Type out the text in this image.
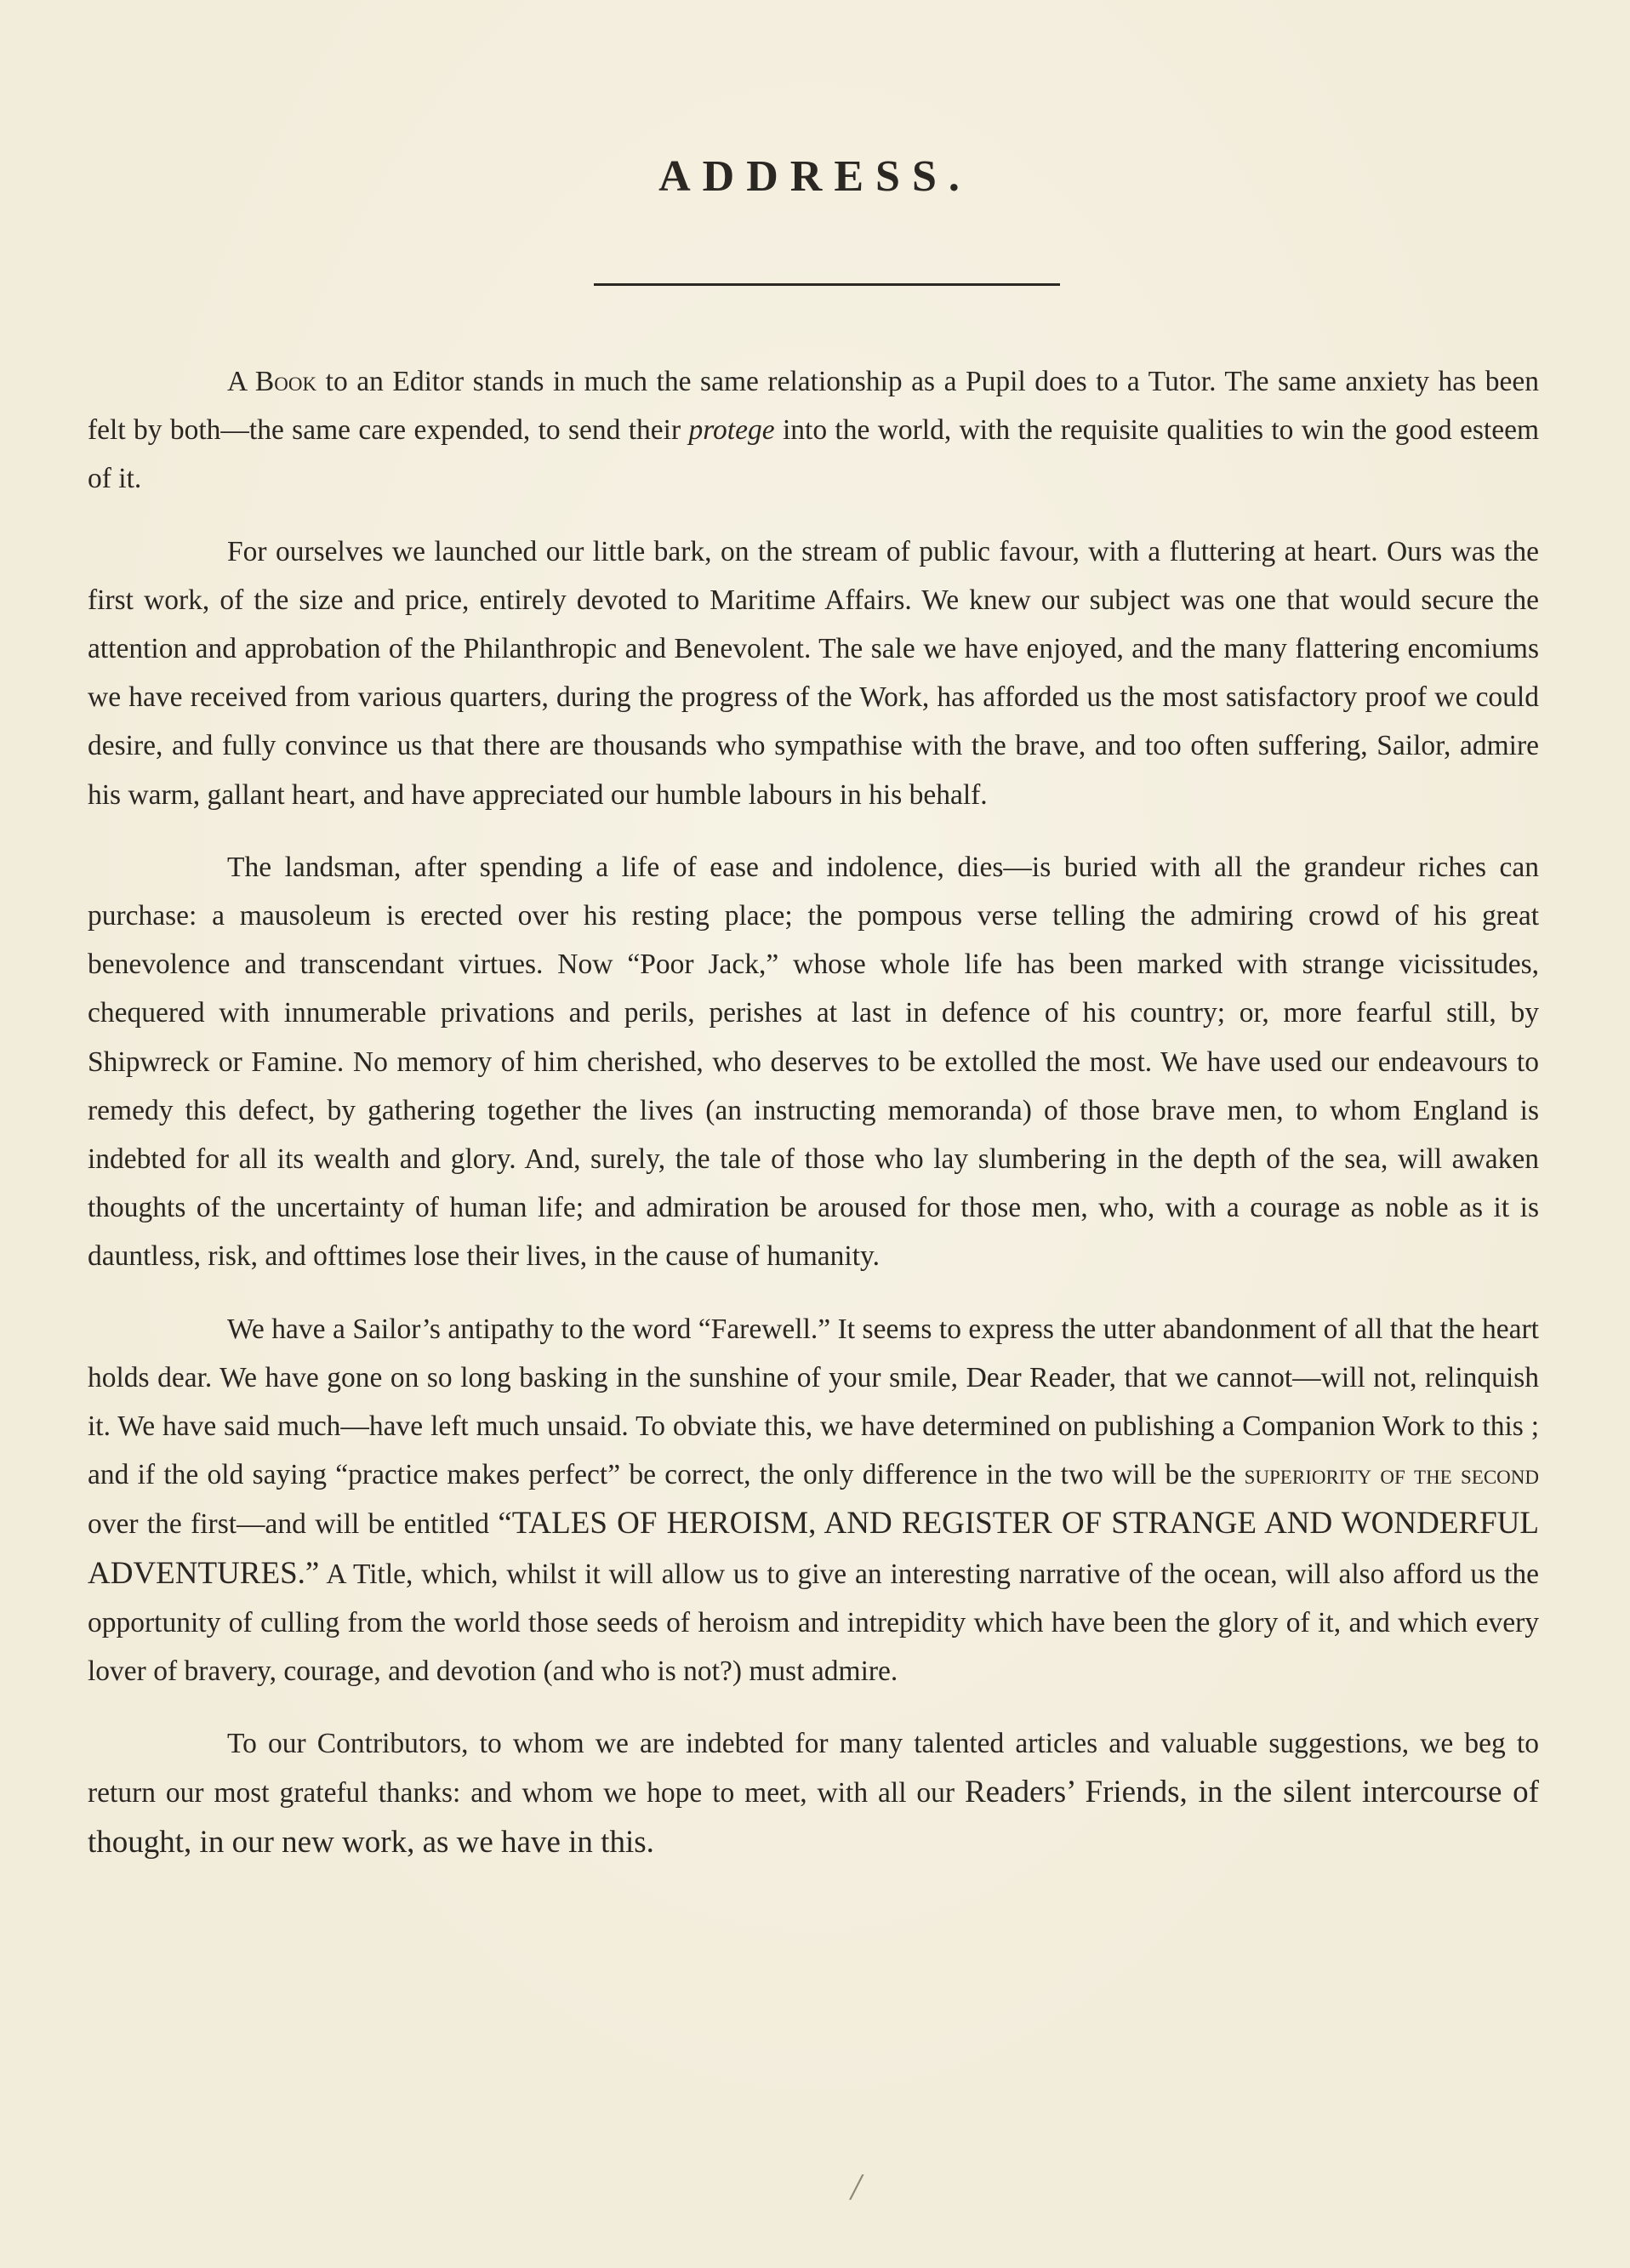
ADDRESS.

A Book to an Editor stands in much the same relationship as a Pupil does to a Tutor. The same anxiety has been felt by both—the same care expended, to send their protege into the world, with the requisite qualities to win the good esteem of it.

For ourselves we launched our little bark, on the stream of public favour, with a fluttering at heart. Ours was the first work, of the size and price, entirely devoted to Maritime Affairs. We knew our subject was one that would secure the attention and approbation of the Philanthropic and Benevolent. The sale we have enjoyed, and the many flattering encomiums we have received from various quarters, during the progress of the Work, has afforded us the most satisfactory proof we could desire, and fully convince us that there are thousands who sympathise with the brave, and too often suffering, Sailor, admire his warm, gallant heart, and have appreciated our humble labours in his behalf.

The landsman, after spending a life of ease and indolence, dies—is buried with all the grandeur riches can purchase: a mausoleum is erected over his resting place; the pompous verse telling the admiring crowd of his great benevolence and transcendant virtues. Now “Poor Jack,” whose whole life has been marked with strange vicissitudes, chequered with innumerable privations and perils, perishes at last in defence of his country; or, more fearful still, by Shipwreck or Famine. No memory of him cherished, who deserves to be extolled the most. We have used our endeavours to remedy this defect, by gathering together the lives (an instructing memoranda) of those brave men, to whom England is indebted for all its wealth and glory. And, surely, the tale of those who lay slumbering in the depth of the sea, will awaken thoughts of the uncertainty of human life; and admiration be aroused for those men, who, with a courage as noble as it is dauntless, risk, and ofttimes lose their lives, in the cause of humanity.

We have a Sailor’s antipathy to the word “Farewell.” It seems to express the utter abandonment of all that the heart holds dear. We have gone on so long basking in the sunshine of your smile, Dear Reader, that we cannot—will not, relinquish it. We have said much—have left much unsaid. To obviate this, we have determined on publishing a Companion Work to this ; and if the old saying “practice makes perfect” be correct, the only difference in the two will be the superiority of the second over the first—and will be entitled “TALES OF HEROISM, AND REGISTER OF STRANGE AND WONDERFUL ADVENTURES.” A Title, which, whilst it will allow us to give an interesting narrative of the ocean, will also afford us the opportunity of culling from the world those seeds of heroism and intrepidity which have been the glory of it, and which every lover of bravery, courage, and devotion (and who is not?) must admire.

To our Contributors, to whom we are indebted for many talented articles and valuable suggestions, we beg to return our most grateful thanks: and whom we hope to meet, with all our Readers’ Friends, in the silent intercourse of thought, in our new work, as we have in this.

/
